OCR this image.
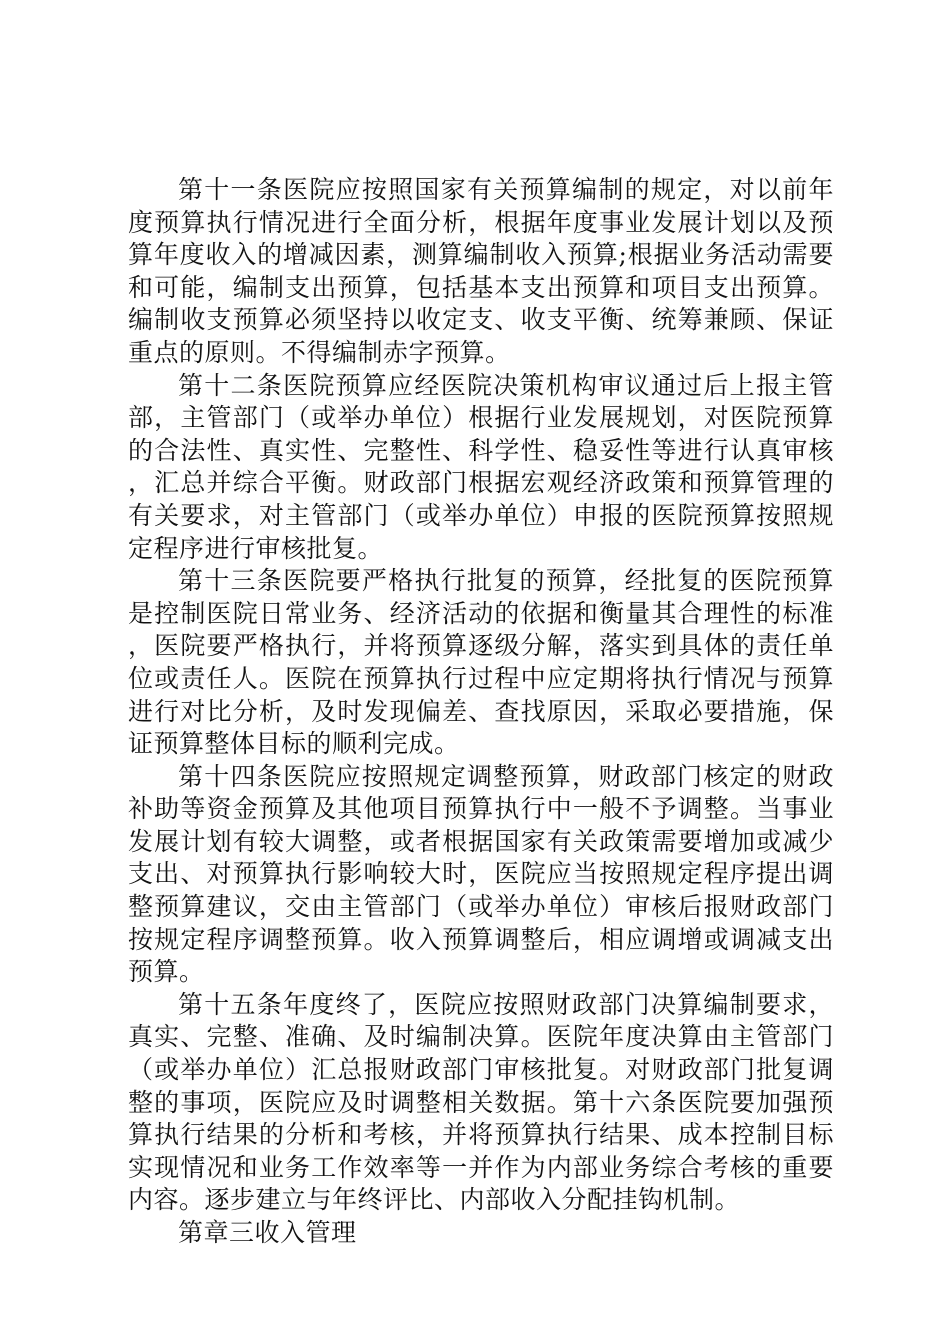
第十一条医院应按照国家有关预算编制的规定，对以前年度预算执行情况进行全面分析，根据年度事业发展计划以及预算年度收入的增减因素，测算编制收入预算;根据业务活动需要和可能，编制支出预算，包括基本支出预算和项目支出预算。编制收支预算必须坚持以收定支、收支平衡、统筹兼顾、保证重点的原则。不得编制赤字预算。

第十二条医院预算应经医院决策机构审议通过后上报主管部，主管部门（或举办单位）根据行业发展规划，对医院预算的合法性、真实性、完整性、科学性、稳妥性等进行认真审核，汇总并综合平衡。财政部门根据宏观经济政策和预算管理的有关要求，对主管部门（或举办单位）申报的医院预算按照规定程序进行审核批复。

第十三条医院要严格执行批复的预算，经批复的医院预算是控制医院日常业务、经济活动的依据和衡量其合理性的标准，医院要严格执行，并将预算逐级分解，落实到具体的责任单位或责任人。医院在预算执行过程中应定期将执行情况与预算进行对比分析，及时发现偏差、查找原因，采取必要措施，保证预算整体目标的顺利完成。

第十四条医院应按照规定调整预算，财政部门核定的财政补助等资金预算及其他项目预算执行中一般不予调整。当事业发展计划有较大调整，或者根据国家有关政策需要增加或减少支出、对预算执行影响较大时，医院应当按照规定程序提出调整预算建议，交由主管部门（或举办单位）审核后报财政部门按规定程序调整预算。收入预算调整后，相应调增或调减支出预算。

第十五条年度终了，医院应按照财政部门决算编制要求，真实、完整、准确、及时编制决算。医院年度决算由主管部门（或举办单位）汇总报财政部门审核批复。对财政部门批复调整的事项，医院应及时调整相关数据。第十六条医院要加强预算执行结果的分析和考核，并将预算执行结果、成本控制目标实现情况和业务工作效率等一并作为内部业务综合考核的重要内容。逐步建立与年终评比、内部收入分配挂钩机制。

第章三收入管理
